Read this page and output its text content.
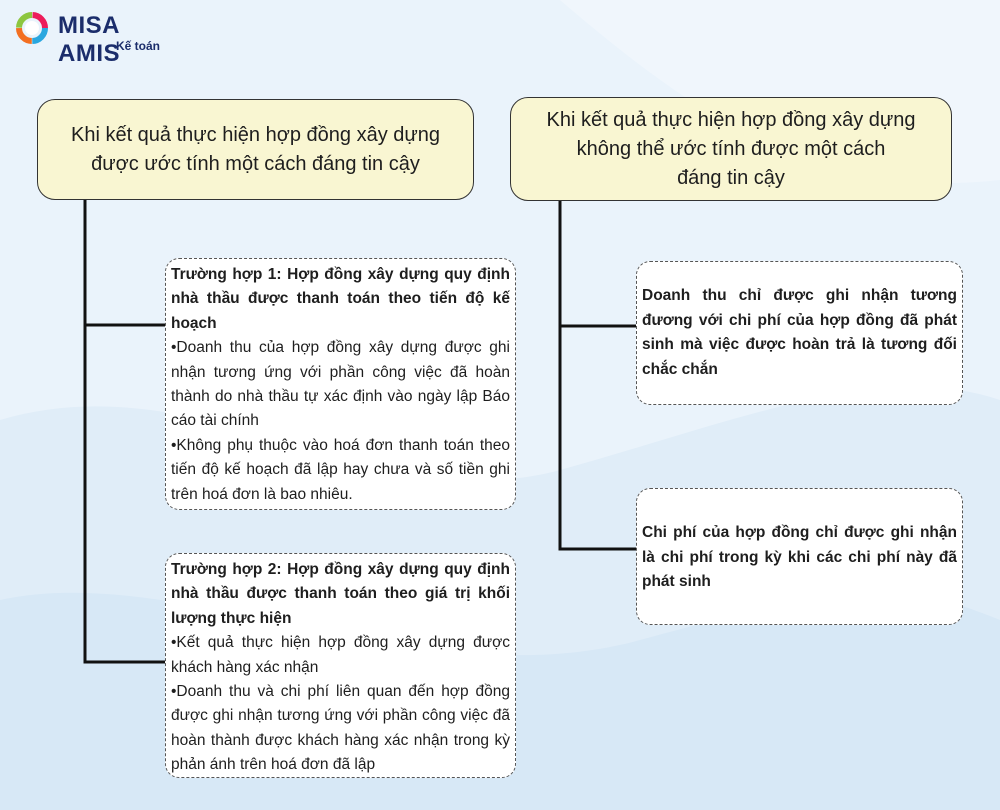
MISA AMIS
Kế toán
Khi kết quả thực hiện hợp đồng xây dựng
được ước tính một cách đáng tin cậy
Khi kết quả thực hiện hợp đồng xây dựng
không thể ước tính được một cách
đáng tin cậy

Trường hợp 1: Hợp đồng xây dựng quy định nhà thầu được thanh toán theo tiến độ kế hoạch

•Doanh thu của hợp đồng xây dựng được ghi nhận tương ứng với phần công việc đã hoàn thành do nhà thầu tự xác định vào ngày lập Báo cáo tài chính

•Không phụ thuộc vào hoá đơn thanh toán theo tiến độ kế hoạch đã lập hay chưa và số tiền ghi trên hoá đơn là bao nhiêu.

Trường hợp 2: Hợp đồng xây dựng quy định nhà thầu được thanh toán theo giá trị khối lượng thực hiện

•Kết quả thực hiện hợp đồng xây dựng được khách hàng xác nhận

•Doanh thu và chi phí liên quan đến hợp đồng được ghi nhận tương ứng với phần công việc đã hoàn thành được khách hàng xác nhận trong kỳ phản ánh trên hoá đơn đã lập

Doanh thu chỉ được ghi nhận tương đương với chi phí của hợp đồng đã phát sinh mà việc được hoàn trả là tương đối chắc chắn

Chi phí của hợp đồng chỉ được ghi nhận là chi phí trong kỳ khi các chi phí này đã phát sinh
